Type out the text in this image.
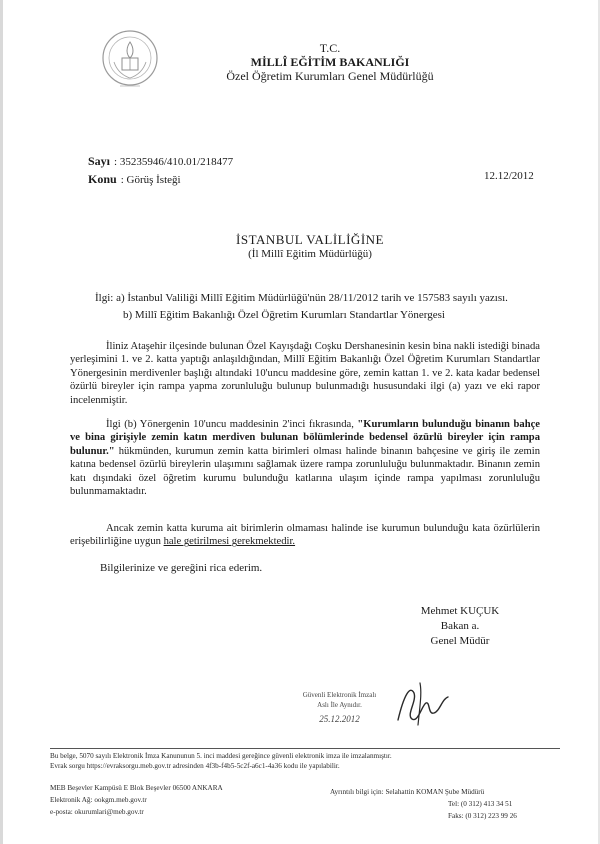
T.C.
MİLLÎ EĞİTİM BAKANLIĞI
Özel Öğretim Kurumları Genel Müdürlüğü
Sayı : 35235946/410.01/218477
Konu : Görüş İsteği	12.12/2012
İSTANBUL VALİLİĞİNE
(İl Millî Eğitim Müdürlüğü)
İlgi: a) İstanbul Valiliği Millî Eğitim Müdürlüğü'nün 28/11/2012 tarih ve 157583 sayılı yazısı.
b) Millî Eğitim Bakanlığı Özel Öğretim Kurumları Standartlar Yönergesi
İliniz Ataşehir ilçesinde bulunan Özel Kayışdağı Coşku Dershanesinin kesin bina nakli istediği binada yerleşimini 1. ve 2. katta yaptığı anlaşıldığından, Millî Eğitim Bakanlığı Özel Öğretim Kurumları Standartlar Yönergesinin merdivenler başlığı altındaki 10'uncu maddesine göre, zemin kattan 1. ve 2. kata kadar bedensel özürlü bireyler için rampa yapma zorunluluğu bulunup bulunmadığı hususundaki ilgi (a) yazı ve eki rapor incelenmiştir.
İlgi (b) Yönergenin 10'uncu maddesinin 2'inci fıkrasında, "Kurumların bulunduğu binanın bahçe ve bina girişiyle zemin katın merdiven bulunan bölümlerinde bedensel özürlü bireyler için rampa bulunur." hükmünden, kurumun zemin katta birimleri olması halinde binanın bahçesine ve giriş ile zemin katına bedensel özürlü bireylerin ulaşımını sağlamak üzere rampa zorunluluğu bulunmaktadır. Binanın zemin katı dışındaki özel öğretim kurumu bulunduğu katlarına ulaşım içinde rampa yapılması zorunluluğu bulunmamaktadır.
Ancak zemin katta kuruma ait birimlerin olmaması halinde ise kurumun bulunduğu kata özürlülerin erişebilirliğine uygun hale getirilmesi gerekmektedir.
Bilgilerinize ve gereğini rica ederim.
Mehmet KUÇUK
Bakan a.
Genel Müdür
Güvenli Elektronik İmzalı
Aslı İle Aynıdır.
25.12.2012
Bu belge, 5070 sayılı Elektronik İmza Kanununun 5. inci maddesi gereğince güvenli elektronik imza ile imzalanmıştır.
Evrak sorgu https://evraksorgu.meb.gov.tr adresinden 4f3b-f4b5-5c2f-a6c1-4a36 kodu ile yapılabilir.
MEB Beşevler Kampüsü E Blok Beşevler 06500 ANKARA
Elektronik Ağ: ookgm.meb.gov.tr
e-posta: okurumlari@meb.gov.tr
Ayrıntılı bilgi için: Selahattin KOMAN Şube Müdürü
Tel: (0 312) 413 34 51
Faks: (0 312) 223 99 26
